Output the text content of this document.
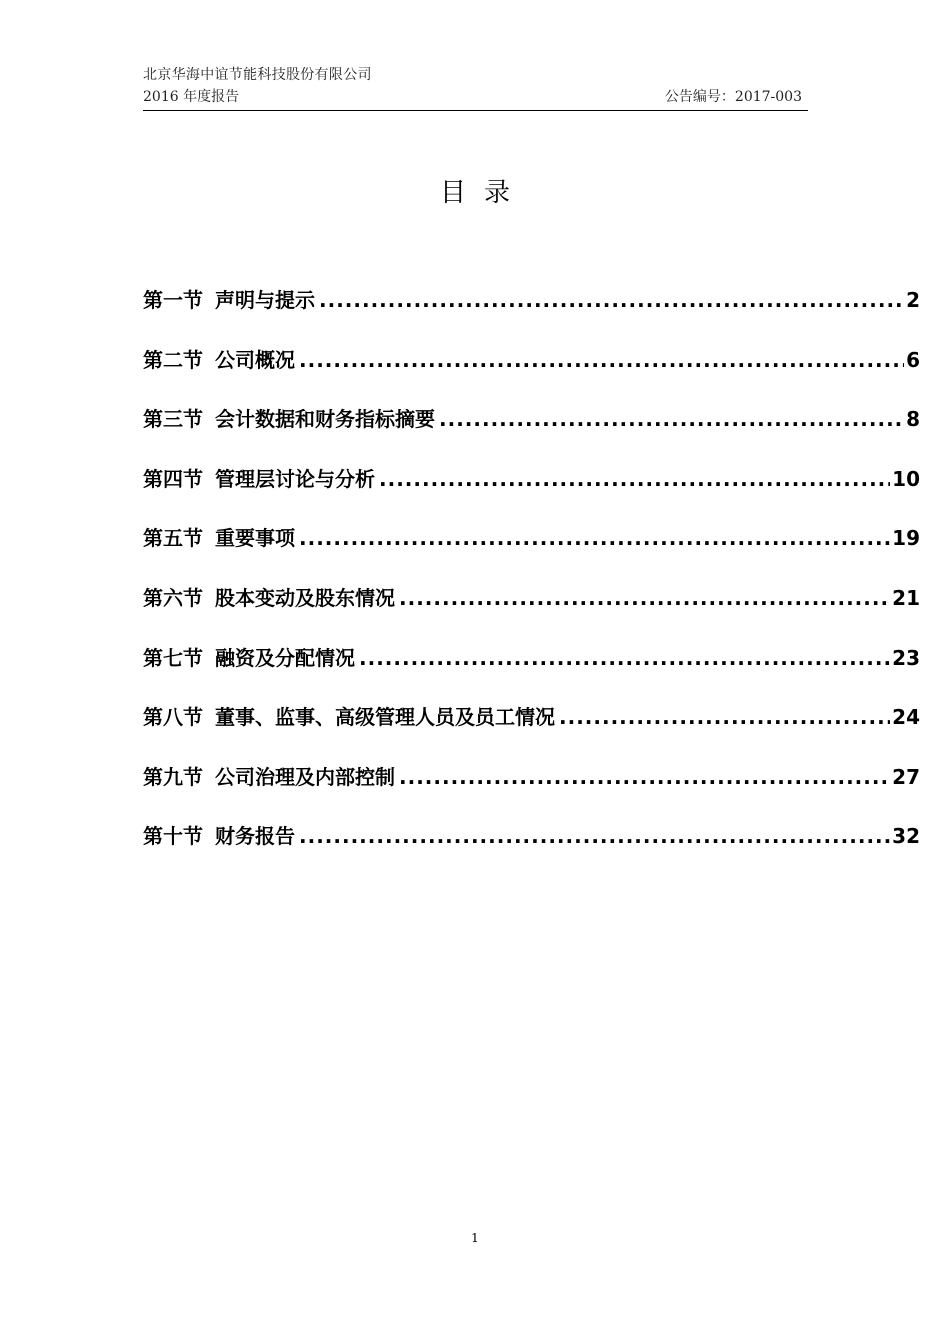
北京华海中谊节能科技股份有限公司
2016 年度报告	公告编号：2017-003
目录
第一节 声明与提示 .....	2
第二节 公司概况 .....	6
第三节 会计数据和财务指标摘要 .....	8
第四节 管理层讨论与分析 .....	10
第五节 重要事项 .....	19
第六节 股本变动及股东情况 .....	21
第七节 融资及分配情况 .....	23
第八节 董事、监事、高级管理人员及员工情况 .....	24
第九节 公司治理及内部控制 .....	27
第十节 财务报告 .....	32
1
